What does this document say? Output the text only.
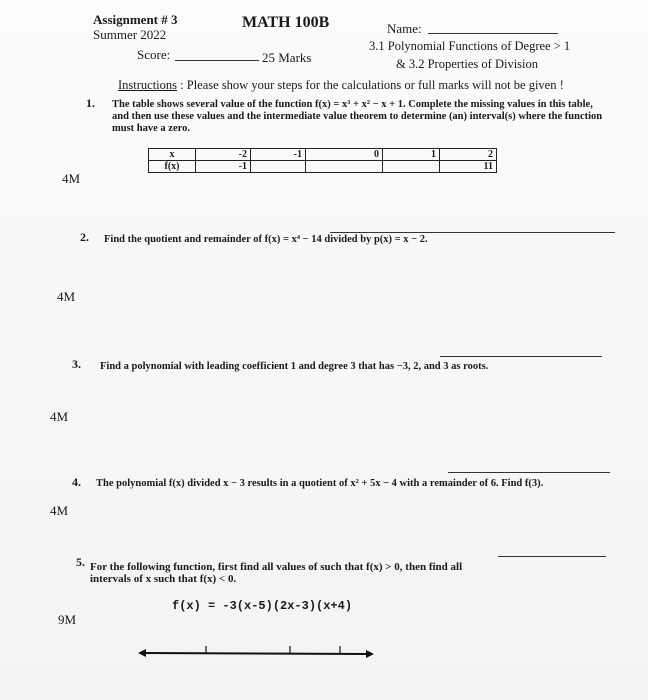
Assignment # 3
Summer 2022
MATH 100B	Name:
Score:	25 Marks
3.1 Polynomial Functions of Degree > 1
& 3.2 Properties of Division
Instructions : Please show your steps for the calculations or full marks will not be given !
1. The table shows several value of the function f(x) = x³ + x² − x + 1. Complete the missing values in this table,
and then use these values and the intermediate value theorem to determine (an) interval(s) where the function
must have a zero.
x	-2	-1	0	1	2
f(x)	-1				11
4M
2. Find the quotient and remainder of f(x) = x⁴ − 14 divided by p(x) = x − 2.
4M
3. Find a polynomial with leading coefficient 1 and degree 3 that has −3, 2, and 3 as roots.
4M
4. The polynomial f(x) divided x − 3 results in a quotient of x² + 5x − 4 with a remainder of 6. Find f(3).
4M
5. For the following function, first find all values of such that f(x) > 0, then find all
intervals of x such that f(x) < 0.
f(x) = -3(x-5)(2x-3)(x+4)
9M
